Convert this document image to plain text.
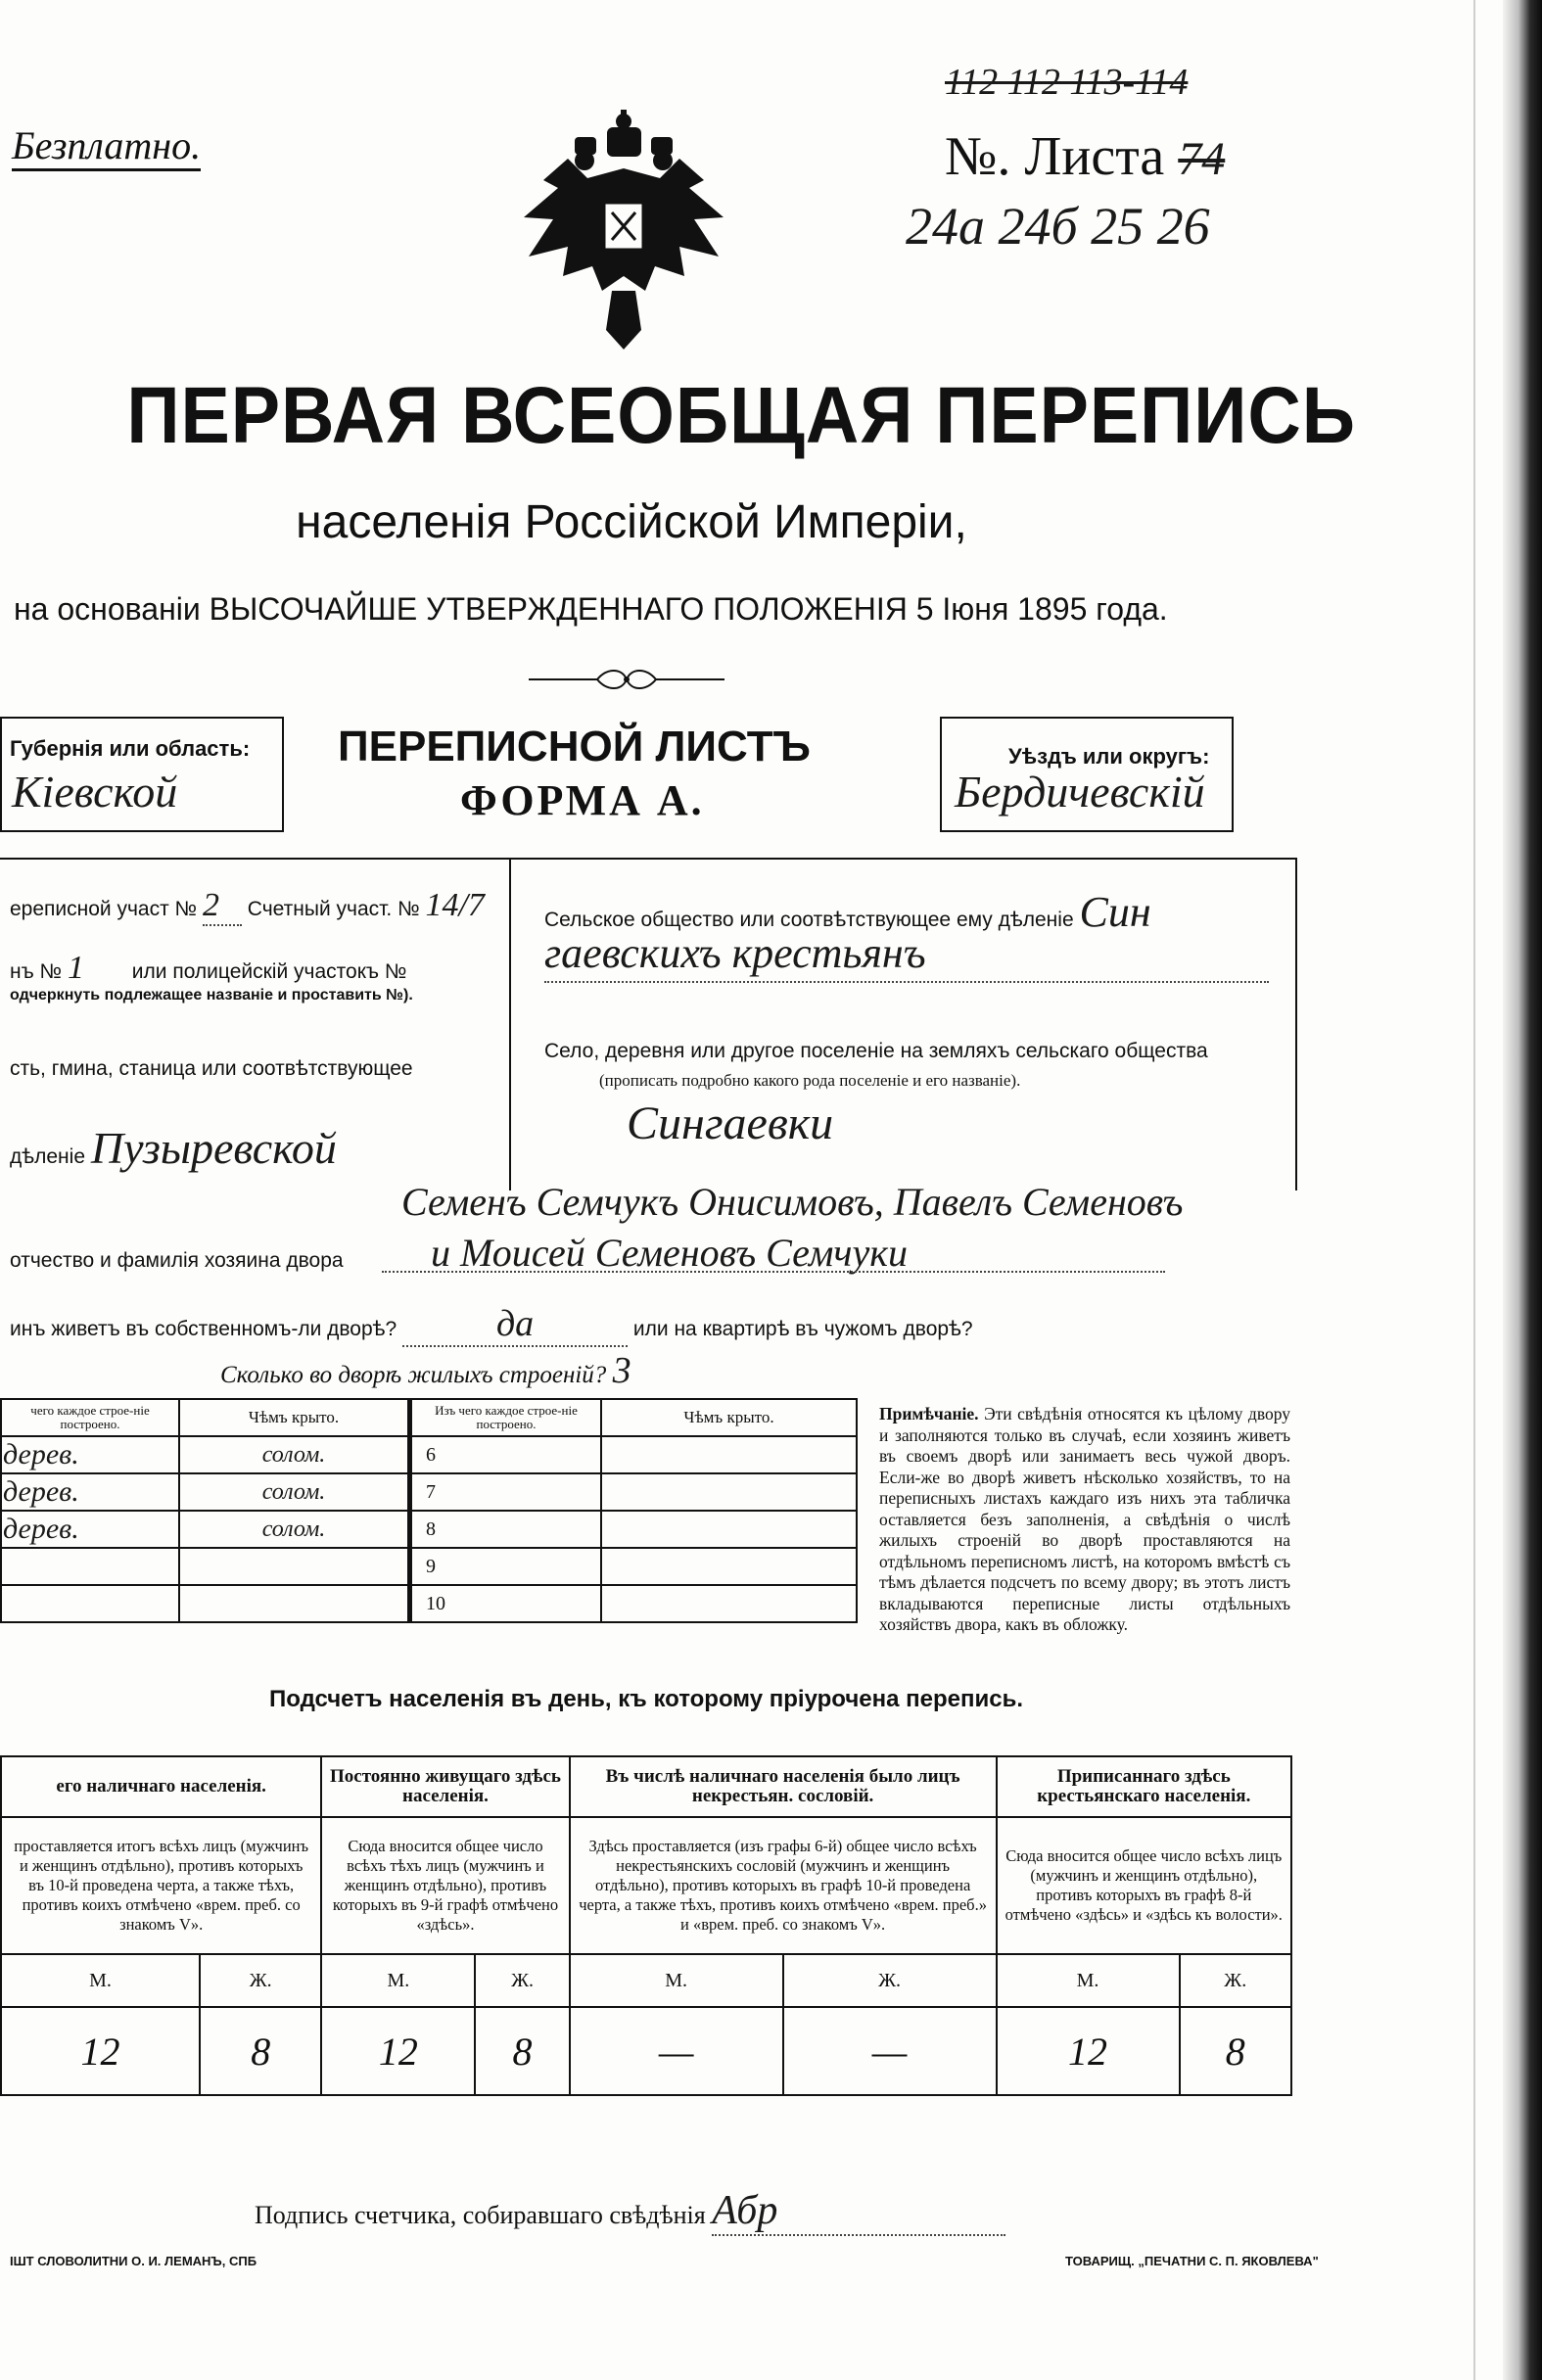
Безплатно.
112 112 113-114
№. Листа 74
24а 24б 25 26
ПЕРВАЯ ВСЕОБЩАЯ ПЕРЕПИСЬ
населенія Россійской Имперіи,
на основаніи ВЫСОЧАЙШЕ УТВЕРЖДЕННАГО ПОЛОЖЕНІЯ 5 Іюня 1895 года.
Губернія или область:
Кіевской
ПЕРЕПИСНОЙ ЛИСТЪ
ФОРМА А.
Уѣздъ или округъ:
Бердичевскій
ереписной участ № 2 Счетный участ. № 14/7
нъ № 1 или полицейскій участокъ №
одчеркнуть подлежащее названіе и проставить №).
сть, гмина, станица или соотвѣтствующее
дѣленіе Пузыревской
Сельское общество или соотвѣтствующее ему дѣленіе Син
гаевскихъ крестьянъ
Село, деревня или другое поселеніе на земляхъ сельскаго общества
(прописать подробно какого рода поселеніе и его названіе).
Сингаевки
Семенъ Семчукъ Онисимовъ, Павелъ Семеновъ
отчество и фамилія хозяина двора и Моисей Семеновъ Семчуки
инъ живетъ въ собственномъ-ли дворѣ?	да	или на квартирѣ въ чужомъ дворѣ?
Сколько во дворѣ жилыхъ строеній? 3
чего каждое строе-ніе построено.	Чѣмъ крыто.	Изъ чего каждое строе-ніе построено.	Чѣмъ крыто.
дерев.	солом.	6	
дерев.	солом.	7	
дерев.	солом.	8	
		9	
		10	
Примѣчаніе. Эти свѣдѣнія относятся къ цѣлому двору и заполняются только въ случаѣ, если хозяинъ живетъ въ своемъ дворѣ или занимаетъ весь чужой дворъ. Если-же во дворѣ живетъ нѣсколько хозяйствъ, то на переписныхъ листахъ каждаго изъ нихъ эта табличка оставляется безъ заполненія, а свѣдѣнія о числѣ жилыхъ строеній во дворѣ проставляются на отдѣльномъ переписномъ листѣ, на которомъ вмѣстѣ съ тѣмъ дѣлается подсчетъ по всему двору; въ этотъ листъ вкладываются переписные листы отдѣльныхъ хозяйствъ двора, какъ въ обложку.
Подсчетъ населенія въ день, къ которому пріурочена перепись.
его наличнаго населенія.		Постоянно живущаго здѣсь населенія.		Въ числѣ наличнаго населенія было лицъ некрестьян. сословій.		Приписаннаго здѣсь крестьянскаго населенія.	
проставляется итогъ всѣхъ лицъ (мужчинъ и женщинъ отдѣльно), противъ которыхъ въ 10-й проведена черта, а также тѣхъ, противъ коихъ отмѣчено «врем. преб. со знакомъ V».		Сюда вносится общее число всѣхъ тѣхъ лицъ (мужчинъ и женщинъ отдѣльно), противъ которыхъ въ 9-й графѣ отмѣчено «здѣсь».		Здѣсь проставляется (изъ графы 6-й) общее число всѣхъ некрестьянскихъ сословій (мужчинъ и женщинъ отдѣльно), противъ которыхъ въ графѣ 10-й проведена черта, а также тѣхъ, противъ коихъ отмѣчено «врем. преб.» и «врем. преб. со знакомъ V».		Сюда вносится общее число всѣхъ лицъ (мужчинъ и женщинъ отдѣльно), противъ которыхъ въ графѣ 8-й отмѣчено «здѣсь» и «здѣсь къ волости».	
М.	Ж.	М.	Ж.	М.	Ж.	М.	Ж.
12	8	12	8	—	—	12	8
Подпись счетчика, собиравшаго свѣдѣнія Абр
ІШТ СЛОВОЛИТНИ О. И. ЛЕМАНЪ, СПБ	ТОВАРИЩ. „ПЕЧАТНИ С. П. ЯКОВЛЕВА"
